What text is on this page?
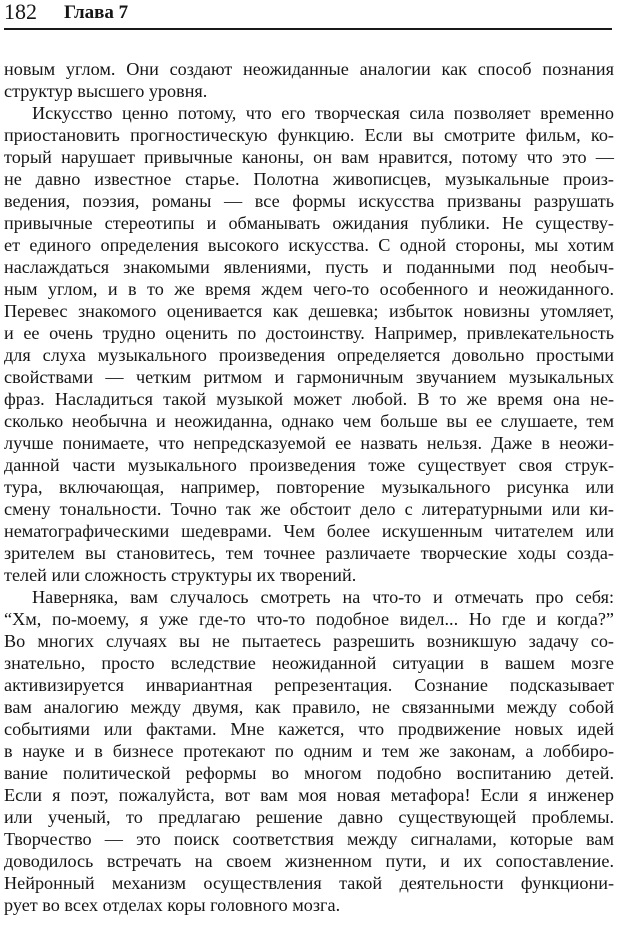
182 Глава 7
новым углом. Они создают неожиданные аналогии как способ познания
структур высшего уровня.
Искусство ценно потому, что его творческая сила позволяет временно
приостановить прогностическую функцию. Если вы смотрите фильм, ко-
торый нарушает привычные каноны, он вам нравится, потому что это —
не давно известное старье. Полотна живописцев, музыкальные произ-
ведения, поэзия, романы — все формы искусства призваны разрушать
привычные стереотипы и обманывать ожидания публики. Не существу-
ет единого определения высокого искусства. С одной стороны, мы хотим
наслаждаться знакомыми явлениями, пусть и поданными под необыч-
ным углом, и в то же время ждем чего-то особенного и неожиданного.
Перевес знакомого оценивается как дешевка; избыток новизны утомляет,
и ее очень трудно оценить по достоинству. Например, привлекательность
для слуха музыкального произведения определяется довольно простыми
свойствами — четким ритмом и гармоничным звучанием музыкальных
фраз. Насладиться такой музыкой может любой. В то же время она не-
сколько необычна и неожиданна, однако чем больше вы ее слушаете, тем
лучше понимаете, что непредсказуемой ее назвать нельзя. Даже в неожи-
данной части музыкального произведения тоже существует своя струк-
тура, включающая, например, повторение музыкального рисунка или
смену тональности. Точно так же обстоит дело с литературными или ки-
нематографическими шедеврами. Чем более искушенным читателем или
зрителем вы становитесь, тем точнее различаете творческие ходы созда-
телей или сложность структуры их творений.
Наверняка, вам случалось смотреть на что-то и отмечать про себя:
“Хм, по-моему, я уже где-то что-то подобное видел... Но где и когда?”
Во многих случаях вы не пытаетесь разрешить возникшую задачу со-
знательно, просто вследствие неожиданной ситуации в вашем мозге
активизируется инвариантная репрезентация. Сознание подсказывает
вам аналогию между двумя, как правило, не связанными между собой
событиями или фактами. Мне кажется, что продвижение новых идей
в науке и в бизнесе протекают по одним и тем же законам, а лоббиро-
вание политической реформы во многом подобно воспитанию детей.
Если я поэт, пожалуйста, вот вам моя новая метафора! Если я инженер
или ученый, то предлагаю решение давно существующей проблемы.
Творчество — это поиск соответствия между сигналами, которые вам
доводилось встречать на своем жизненном пути, и их сопоставление.
Нейронный механизм осуществления такой деятельности функциони-
рует во всех отделах коры головного мозга.
